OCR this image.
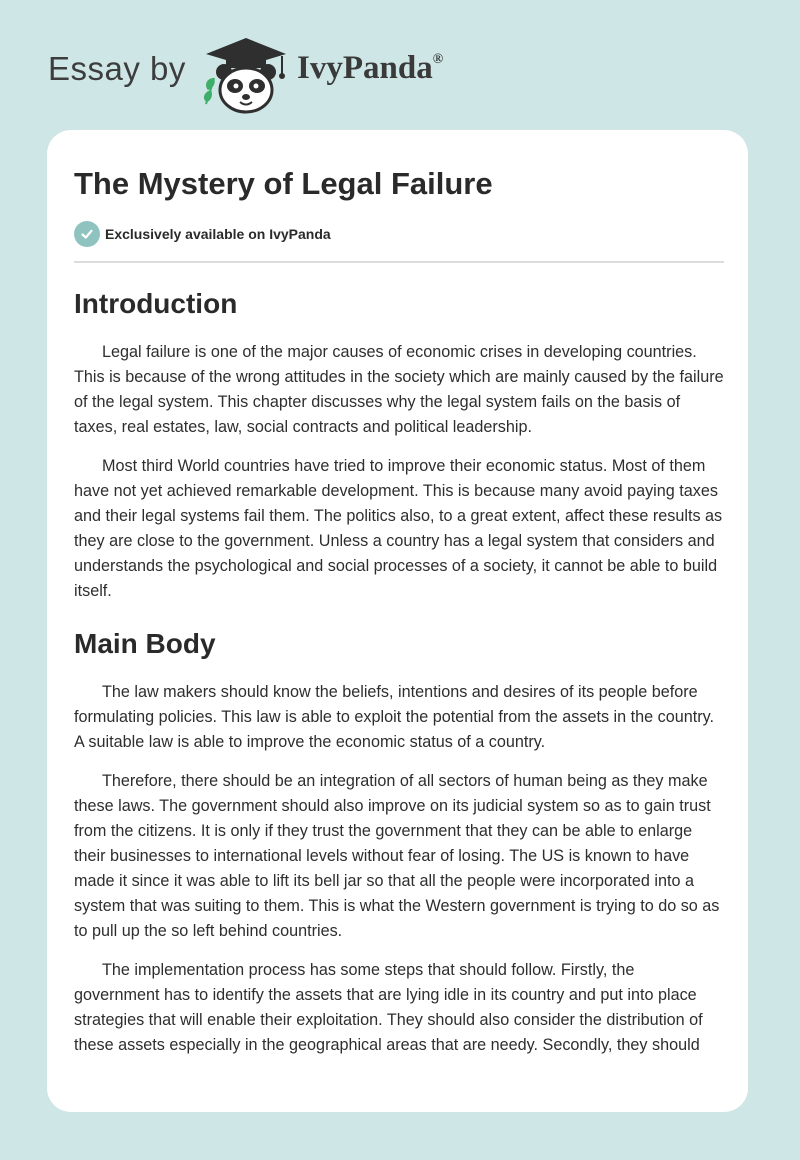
Essay by	IvyPanda®
The Mystery of Legal Failure
Exclusively available on IvyPanda
Introduction

Legal failure is one of the major causes of economic crises in developing countries. This is because of the wrong attitudes in the society which are mainly caused by the failure of the legal system. This chapter discusses why the legal system fails on the basis of taxes, real estates, law, social contracts and political leadership.

Most third World countries have tried to improve their economic status. Most of them have not yet achieved remarkable development. This is because many avoid paying taxes and their legal systems fail them. The politics also, to a great extent, affect these results as they are close to the government. Unless a country has a legal system that considers and understands the psychological and social processes of a society, it cannot be able to build itself.

Main Body

The law makers should know the beliefs, intentions and desires of its people before formulating policies. This law is able to exploit the potential from the assets in the country. A suitable law is able to improve the economic status of a country.

Therefore, there should be an integration of all sectors of human being as they make these laws. The government should also improve on its judicial system so as to gain trust from the citizens. It is only if they trust the government that they can be able to enlarge their businesses to international levels without fear of losing. The US is known to have made it since it was able to lift its bell jar so that all the people were incorporated into a system that was suiting to them. This is what the Western government is trying to do so as to pull up the so left behind countries.

The implementation process has some steps that should follow. Firstly, the government has to identify the assets that are lying idle in its country and put into place strategies that will enable their exploitation. They should also consider the distribution of these assets especially in the geographical areas that are needy. Secondly, they should
